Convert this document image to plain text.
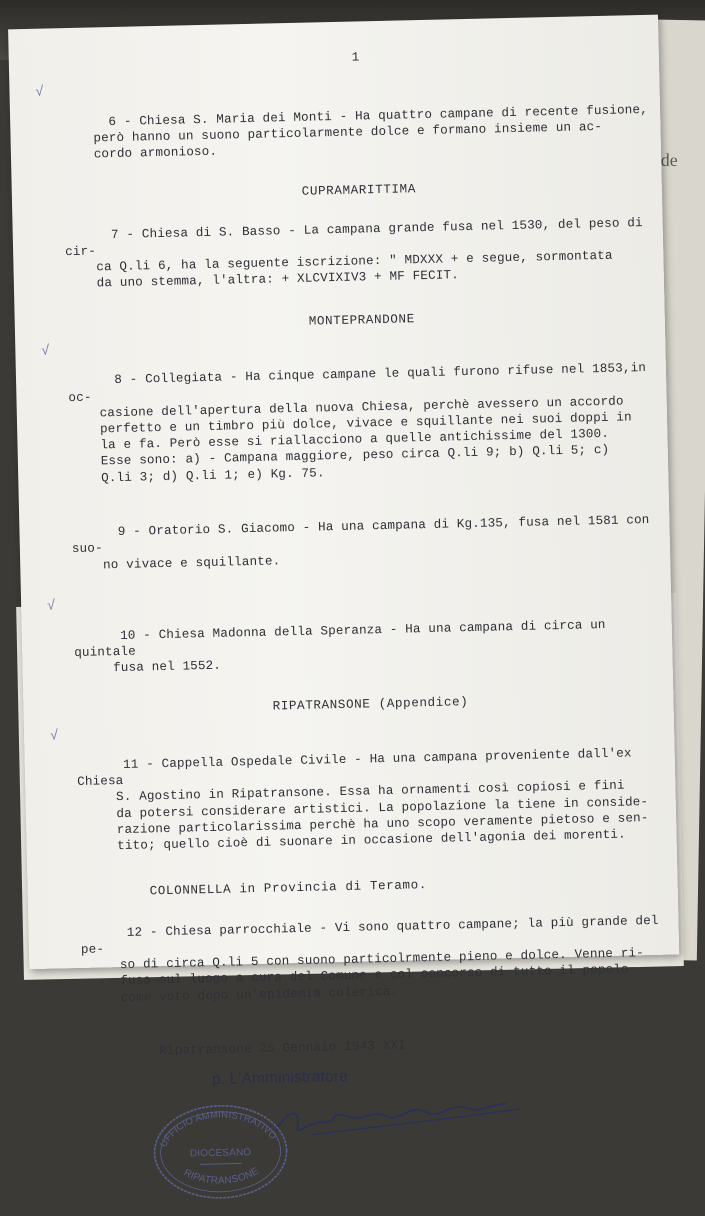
de
1

√

6 - Chiesa S. Maria dei Monti - Ha quattro campane di recente fusione,
però hanno un suono particolarmente dolce e formano insieme un ac-
cordo armonioso.

CUPRAMARITTIMA

7 - Chiesa di S. Basso - La campana grande fusa nel 1530, del peso di cir-
ca Q.li 6, ha la seguente iscrizione: " MDXXX + e segue, sormontata
da uno stemma, l'altra: + XLCVIXIV3 + MF FECIT.

MONTEPRANDONE

√

8 - Collegiata - Ha cinque campane le quali furono rifuse nel 1853,in oc-
casione dell'apertura della nuova Chiesa, perchè avessero un accordo
perfetto e un timbro più dolce, vivace e squillante nei suoi doppi in
la e fa. Però esse si riallacciono a quelle antichissime del 1300.
Esse sono: a) - Campana maggiore, peso circa Q.li 9; b) Q.li 5; c)
Q.li 3; d) Q.li 1; e) Kg. 75.

9 - Oratorio S. Giacomo - Ha una campana di Kg.135, fusa nel 1581 con suo-
no vivace e squillante.

√

10 - Chiesa Madonna della Speranza - Ha una campana di circa un quintale
fusa nel 1552.

RIPATRANSONE (Appendice)

√

11 - Cappella Ospedale Civile - Ha una campana proveniente dall'ex Chiesa
S. Agostino in Ripatransone. Essa ha ornamenti così copiosi e fini
da potersi considerare artistici. La popolazione la tiene in conside-
razione particolarissima perchè ha uno scopo veramente pietoso e sen-
tito; quello cioè di suonare in occasione dell'agonia dei morenti.

COLONNELLA in Provincia di Teramo.

12 - Chiesa parrocchiale - Vi sono quattro campane; la più grande del pe-
so di circa Q.li 5 con suono particolrmente pieno e dolce. Venne ri-
fusa sul luogo a cura del Comune e col concorso di tutto il popolo
come voto dopo un'epidemia colerica.

Ripatransone 25 Gennaio 1943 XXI
p. L'Amministratore
UFFICIO AMMINISTRATIVO
DIOCESANO
RIPATRANSONE
